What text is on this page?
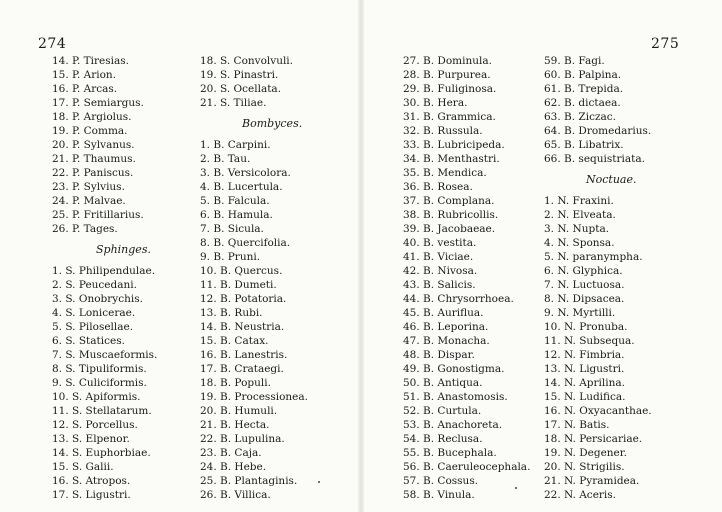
274	275
14. P. Tiresias.
15. P. Arion.
16. P. Arcas.
17. P. Semiargus.
18. P. Argiolus.
19. P. Comma.
20. P. Sylvanus.
21. P. Thaumus.
22. P. Paniscus.
23. P. Sylvius.
24. P. Malvae.
25. P. Fritillarius.
26. P. Tages.
Sphinges.
1. S. Philipendulae.
2. S. Peucedani.
3. S. Onobrychis.
4. S. Lonicerae.
5. S. Pilosellae.
6. S. Statices.
7. S. Muscaeformis.
8. S. Tipuliformis.
9. S. Culiciformis.
10. S. Apiformis.
11. S. Stellatarum.
12. S. Porcellus.
13. S. Elpenor.
14. S. Euphorbiae.
15. S. Galii.
16. S. Atropos.
17. S. Ligustri.
18. S. Convolvuli.
19. S. Pinastri.
20. S. Ocellata.
21. S. Tiliae.
Bombyces.
1. B. Carpini.
2. B. Tau.
3. B. Versicolora.
4. B. Lucertula.
5. B. Falcula.
6. B. Hamula.
7. B. Sicula.
8. B. Quercifolia.
9. B. Pruni.
10. B. Quercus.
11. B. Dumeti.
12. B. Potatoria.
13. B. Rubi.
14. B. Neustria.
15. B. Catax.
16. B. Lanestris.
17. B. Crataegi.
18. B. Populi.
19. B. Processionea.
20. B. Humuli.
21. B. Hecta.
22. B. Lupulina.
23. B. Caja.
24. B. Hebe.
25. B. Plantaginis.
26. B. Villica.
27. B. Dominula.
28. B. Purpurea.
29. B. Fuliginosa.
30. B. Hera.
31. B. Grammica.
32. B. Russula.
33. B. Lubricipeda.
34. B. Menthastri.
35. B. Mendica.
36. B. Rosea.
37. B. Complana.
38. B. Rubricollis.
39. B. Jacobaeae.
40. B. vestita.
41. B. Viciae.
42. B. Nivosa.
43. B. Salicis.
44. B. Chrysorrhoea.
45. B. Auriflua.
46. B. Leporina.
47. B. Monacha.
48. B. Dispar.
49. B. Gonostigma.
50. B. Antiqua.
51. B. Anastomosis.
52. B. Curtula.
53. B. Anachoreta.
54. B. Reclusa.
55. B. Bucephala.
56. B. Caeruleocephala.
57. B. Cossus.
58. B. Vinula.
59. B. Fagi.
60. B. Palpina.
61. B. Trepida.
62. B. dictaea.
63. B. Ziczac.
64. B. Dromedarius.
65. B. Libatrix.
66. B. sequistriata.
Noctuae.
1. N. Fraxini.
2. N. Elveata.
3. N. Nupta.
4. N. Sponsa.
5. N. paranympha.
6. N. Glyphica.
7. N. Luctuosa.
8. N. Dipsacea.
9. N. Myrtilli.
10. N. Pronuba.
11. N. Subsequa.
12. N. Fimbria.
13. N. Ligustri.
14. N. Aprilina.
15. N. Ludifica.
16. N. Oxyacanthae.
17. N. Batis.
18. N. Persicariae.
19. N. Degener.
20. N. Strigilis.
21. N. Pyramidea.
22. N. Aceris.
